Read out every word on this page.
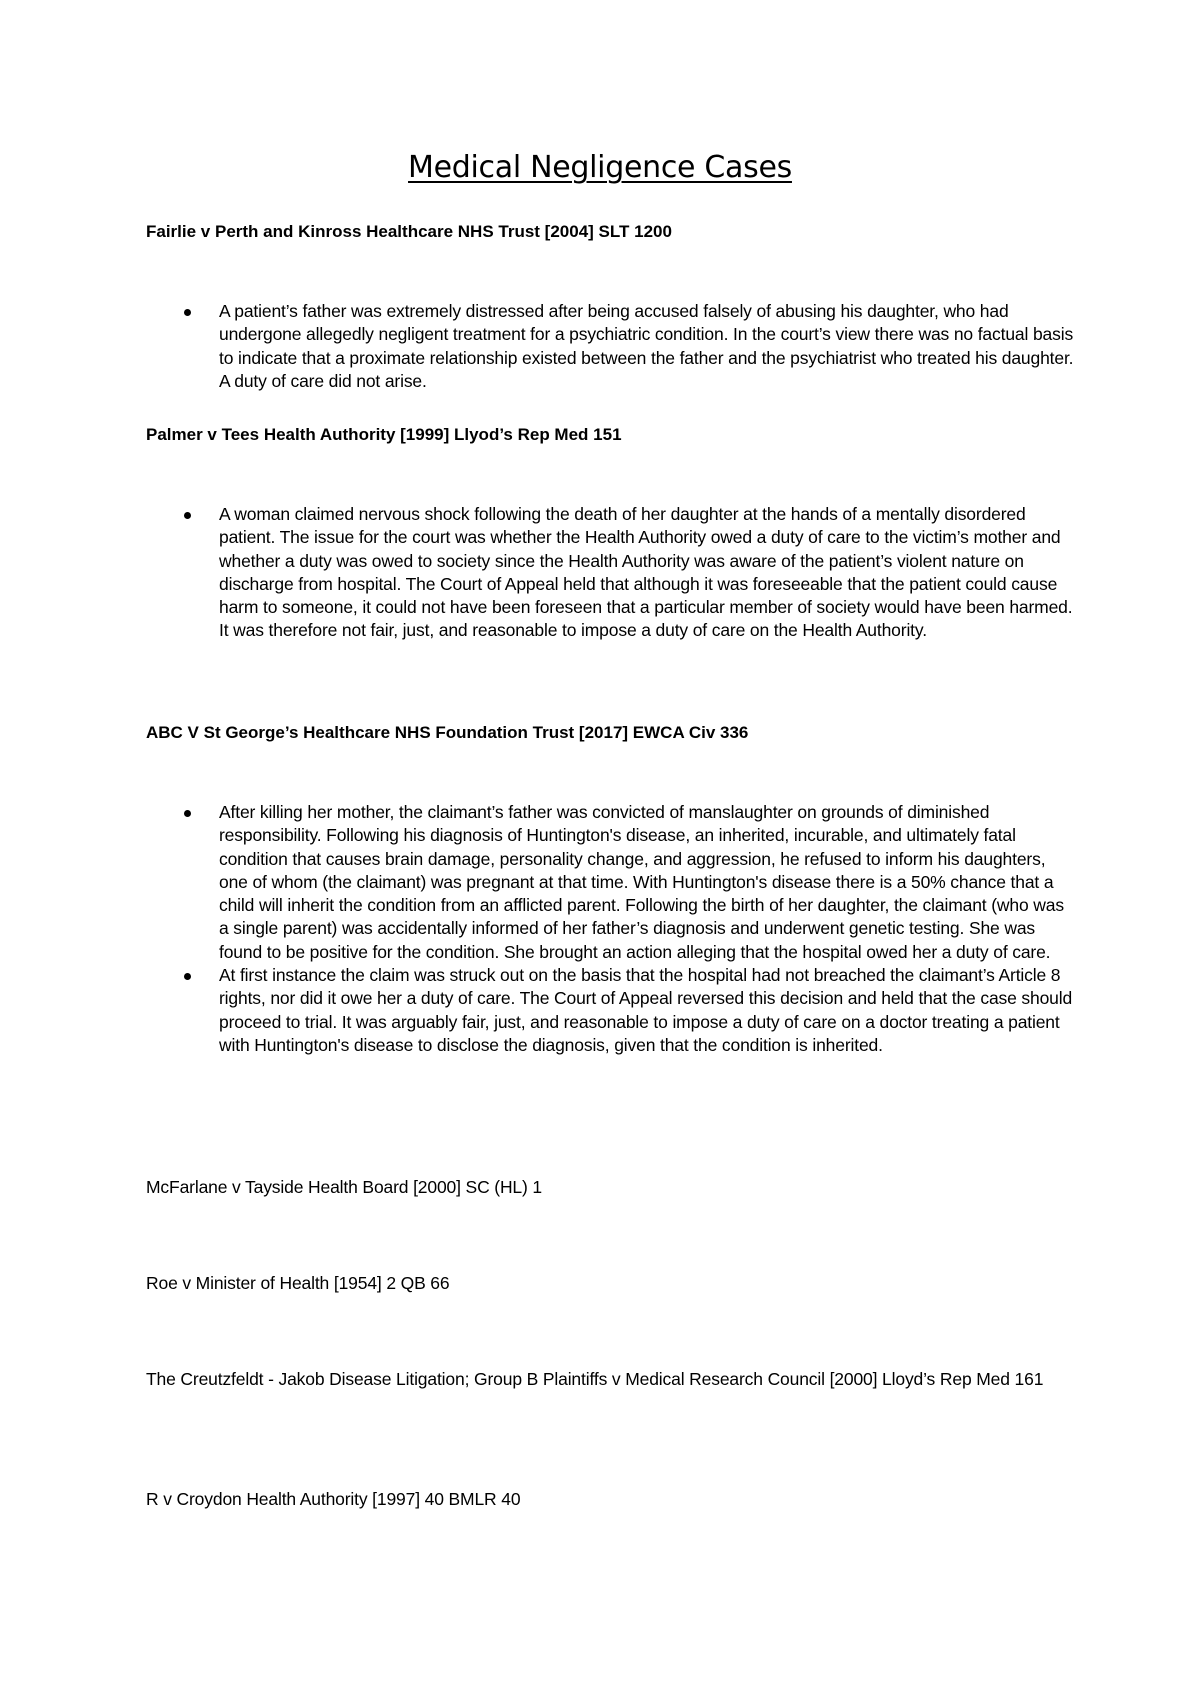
Medical Negligence Cases
Fairlie v Perth and Kinross Healthcare NHS Trust [2004] SLT 1200
A patient’s father was extremely distressed after being accused falsely of abusing his daughter, who had undergone allegedly negligent treatment for a psychiatric condition. In the court’s view there was no factual basis to indicate that a proximate relationship existed between the father and the psychiatrist who treated his daughter. A duty of care did not arise.
Palmer v Tees Health Authority [1999] Llyod’s Rep Med 151
A woman claimed nervous shock following the death of her daughter at the hands of a mentally disordered patient. The issue for the court was whether the Health Authority owed a duty of care to the victim’s mother and whether a duty was owed to society since the Health Authority was aware of the patient’s violent nature on discharge from hospital. The Court of Appeal held that although it was foreseeable that the patient could cause harm to someone, it could not have been foreseen that a particular member of society would have been harmed. It was therefore not fair, just, and reasonable to impose a duty of care on the Health Authority.
ABC V St George’s Healthcare NHS Foundation Trust [2017] EWCA Civ 336
After killing her mother, the claimant’s father was convicted of manslaughter on grounds of diminished responsibility. Following his diagnosis of Huntington's disease, an inherited, incurable, and ultimately fatal condition that causes brain damage, personality change, and aggression, he refused to inform his daughters, one of whom (the claimant) was pregnant at that time. With Huntington's disease there is a 50% chance that a child will inherit the condition from an afflicted parent. Following the birth of her daughter, the claimant (who was a single parent) was accidentally informed of her father’s diagnosis and underwent genetic testing. She was found to be positive for the condition. She brought an action alleging that the hospital owed her a duty of care.
At first instance the claim was struck out on the basis that the hospital had not breached the claimant’s Article 8 rights, nor did it owe her a duty of care. The Court of Appeal reversed this decision and held that the case should proceed to trial. It was arguably fair, just, and reasonable to impose a duty of care on a doctor treating a patient with Huntington's disease to disclose the diagnosis, given that the condition is inherited.
McFarlane v Tayside Health Board [2000] SC (HL) 1
Roe v Minister of Health [1954] 2 QB 66
The Creutzfeldt - Jakob Disease Litigation; Group B Plaintiffs v Medical Research Council [2000] Lloyd’s Rep Med 161
R v Croydon Health Authority [1997] 40 BMLR 40
